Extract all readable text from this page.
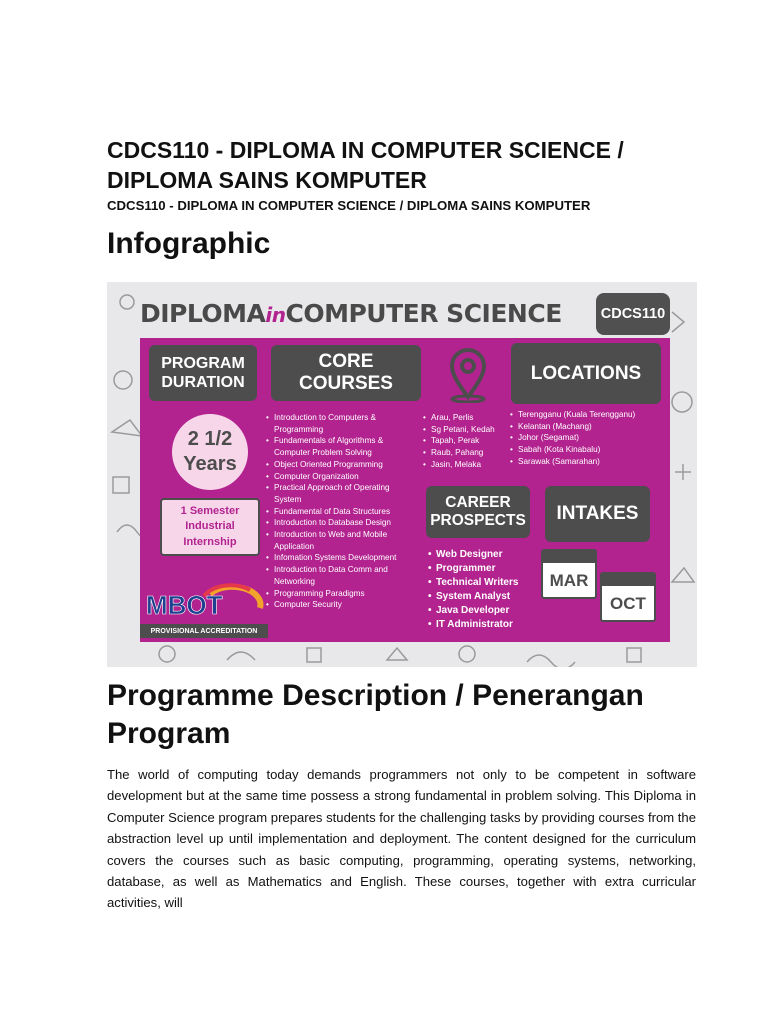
CDCS110 - DIPLOMA IN COMPUTER SCIENCE / DIPLOMA SAINS KOMPUTER
CDCS110 - DIPLOMA IN COMPUTER SCIENCE / DIPLOMA SAINS KOMPUTER
Infographic
DIPLOMAinCOMPUTER SCIENCE	CDCS110
PROGRAM DURATION
2 1/2
Years
1 Semester Industrial Internship
MBOT
PROVISIONAL ACCREDITATION
CORE COURSES
• Introduction to Computers & Programming
• Fundamentals of Algorithms & Computer Problem Solving
• Object Oriented Programming
• Computer Organization
• Practical Approach of Operating System
• Fundamental of Data Structures
• Introduction to Database Design
• Introduction to Web and Mobile Application
• Infomation Systems Development
• Introduction to Data Comm and Networking
• Programming Paradigms
• Computer Security
LOCATIONS
• Arau, Perlis
• Sg Petani, Kedah
• Tapah, Perak
• Raub, Pahang
• Jasin, Melaka
• Terengganu (Kuala Terengganu)
• Kelantan (Machang)
• Johor (Segamat)
• Sabah (Kota Kinabalu)
• Sarawak (Samarahan)
CAREER PROSPECTS
• Web Designer
• Programmer
• Technical Writers
• System Analyst
• Java Developer
• IT Administrator
INTAKES
MAR
OCT
Programme Description / Penerangan Program

The world of computing today demands programmers not only to be competent in software development but at the same time possess a strong fundamental in problem solving. This Diploma in Computer Science program prepares students for the challenging tasks by providing courses from the abstraction level up until implementation and deployment. The content designed for the curriculum covers the courses such as basic computing, programming, operating systems, networking, database, as well as Mathematics and English. These courses, together with extra curricular activities, will
